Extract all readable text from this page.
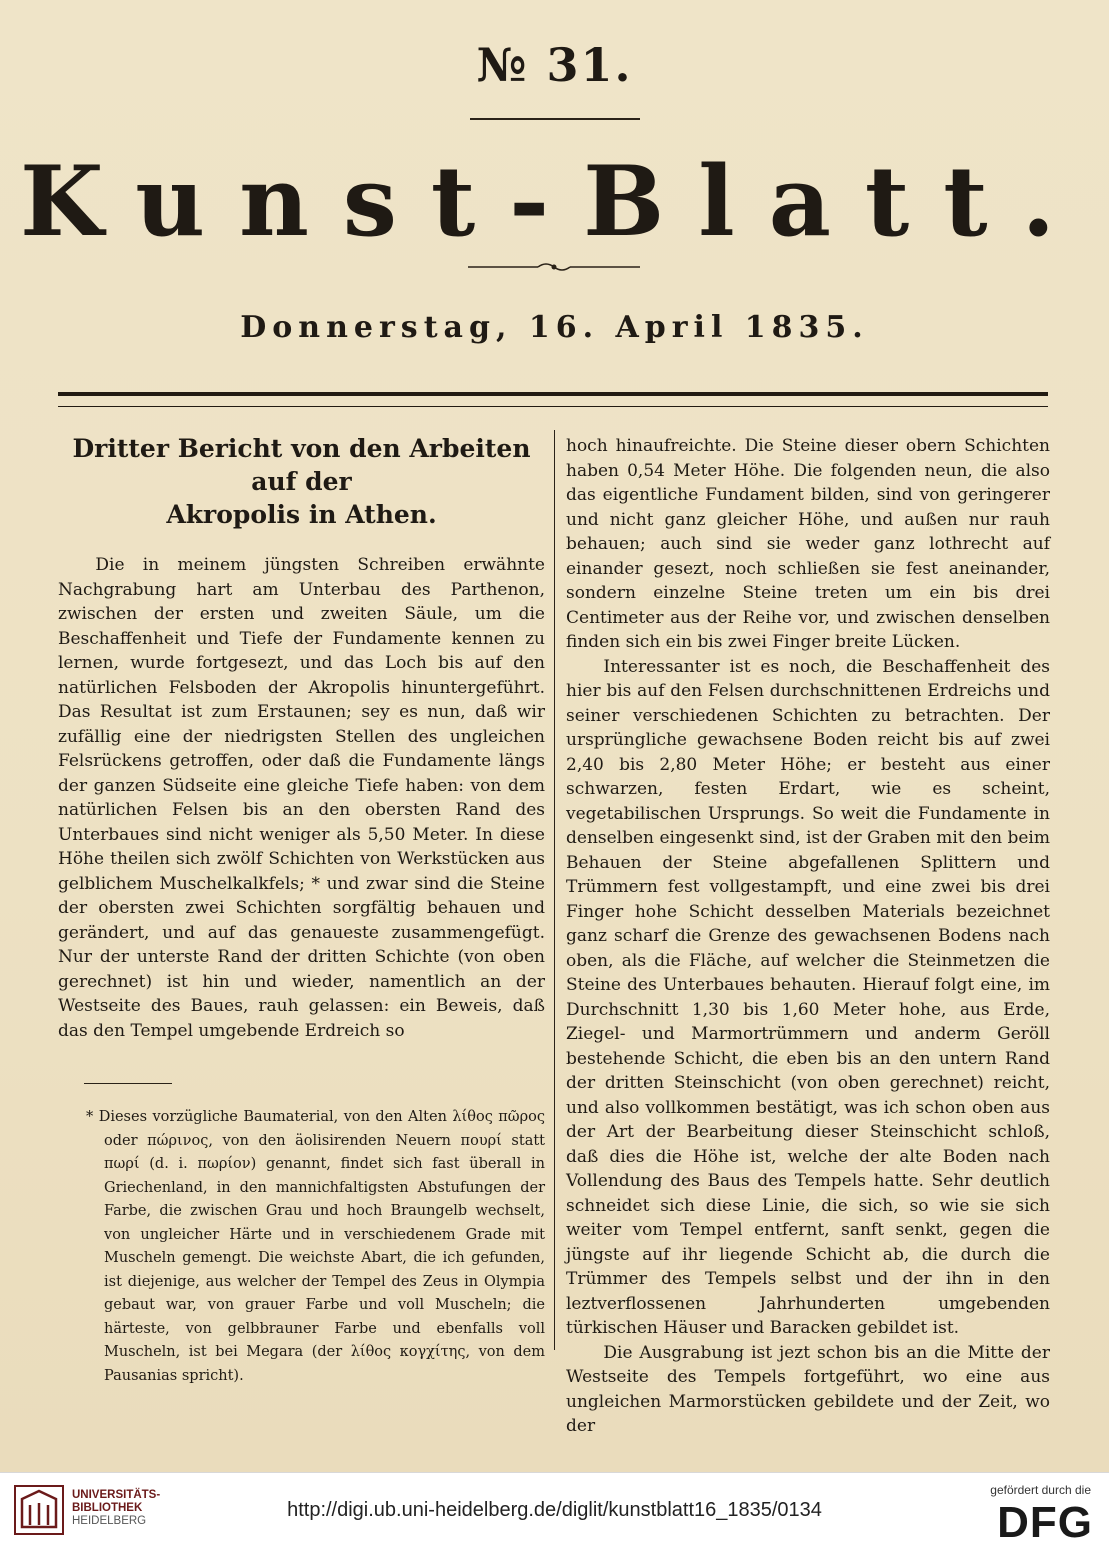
№ 31.
Kunst-Blatt.
Donnerstag, 16. April 1835.
Dritter Bericht von den Arbeiten auf der
Akropolis in Athen.

Die in meinem jüngsten Schreiben erwähnte Nachgrabung hart am Unterbau des Parthenon, zwischen der ersten und zweiten Säule, um die Beschaffenheit und Tiefe der Fundamente kennen zu lernen, wurde fortgesezt, und das Loch bis auf den natürlichen Felsboden der Akropolis hinuntergeführt. Das Resultat ist zum Erstaunen; sey es nun, daß wir zufällig eine der niedrigsten Stellen des ungleichen Felsrückens getroffen, oder daß die Fundamente längs der ganzen Südseite eine gleiche Tiefe haben: von dem natürlichen Felsen bis an den obersten Rand des Unterbaues sind nicht weniger als 5,50 Meter. In diese Höhe theilen sich zwölf Schichten von Werkstücken aus gelblichem Muschelkalkfels; * und zwar sind die Steine der obersten zwei Schichten sorgfältig behauen und gerändert, und auf das genaueste zusammengefügt. Nur der unterste Rand der dritten Schichte (von oben gerechnet) ist hin und wieder, namentlich an der Westseite des Baues, rauh gelassen: ein Beweis, daß das den Tempel umgebende Erdreich so

* Dieses vorzügliche Baumaterial, von den Alten λίθος πῶρος oder πώρινος, von den äolisirenden Neuern πουρί statt πωρί (d. i. πωρίον) genannt, findet sich fast überall in Griechenland, in den mannichfaltigsten Abstufungen der Farbe, die zwischen Grau und hoch Braungelb wechselt, von ungleicher Härte und in verschiedenem Grade mit Muscheln gemengt. Die weichste Abart, die ich gefunden, ist diejenige, aus welcher der Tempel des Zeus in Olympia gebaut war, von grauer Farbe und voll Muscheln; die härteste, von gelbbrauner Farbe und ebenfalls voll Muscheln, ist bei Megara (der λίθος κογχίτης, von dem Pausanias spricht).

hoch hinaufreichte. Die Steine dieser obern Schichten haben 0,54 Meter Höhe. Die folgenden neun, die also das eigentliche Fundament bilden, sind von geringerer und nicht ganz gleicher Höhe, und außen nur rauh behauen; auch sind sie weder ganz lothrecht auf einander gesezt, noch schließen sie fest aneinander, sondern einzelne Steine treten um ein bis drei Centimeter aus der Reihe vor, und zwischen denselben finden sich ein bis zwei Finger breite Lücken.

Interessanter ist es noch, die Beschaffenheit des hier bis auf den Felsen durchschnittenen Erdreichs und seiner verschiedenen Schichten zu betrachten. Der ursprüngliche gewachsene Boden reicht bis auf zwei 2,40 bis 2,80 Meter Höhe; er besteht aus einer schwarzen, festen Erdart, wie es scheint, vegetabilischen Ursprungs. So weit die Fundamente in denselben eingesenkt sind, ist der Graben mit den beim Behauen der Steine abgefallenen Splittern und Trümmern fest vollgestampft, und eine zwei bis drei Finger hohe Schicht desselben Materials bezeichnet ganz scharf die Grenze des gewachsenen Bodens nach oben, als die Fläche, auf welcher die Steinmetzen die Steine des Unterbaues behauten. Hierauf folgt eine, im Durchschnitt 1,30 bis 1,60 Meter hohe, aus Erde, Ziegel- und Marmortrümmern und anderm Geröll bestehende Schicht, die eben bis an den untern Rand der dritten Steinschicht (von oben gerechnet) reicht, und also vollkommen bestätigt, was ich schon oben aus der Art der Bearbeitung dieser Steinschicht schloß, daß dies die Höhe ist, welche der alte Boden nach Vollendung des Baus des Tempels hatte. Sehr deutlich schneidet sich diese Linie, die sich, so wie sie sich weiter vom Tempel entfernt, sanft senkt, gegen die jüngste auf ihr liegende Schicht ab, die durch die Trümmer des Tempels selbst und der ihn in den leztverflossenen Jahrhunderten umgebenden türkischen Häuser und Baracken gebildet ist.

Die Ausgrabung ist jezt schon bis an die Mitte der Westseite des Tempels fortgeführt, wo eine aus ungleichen Marmorstücken gebildete und der Zeit, wo der

UNIVERSITÄTS-
BIBLIOTHEK
HEIDELBERG	http://digi.ub.uni-heidelberg.de/diglit/kunstblatt16_1835/0134
gefördert durch die
DFG
